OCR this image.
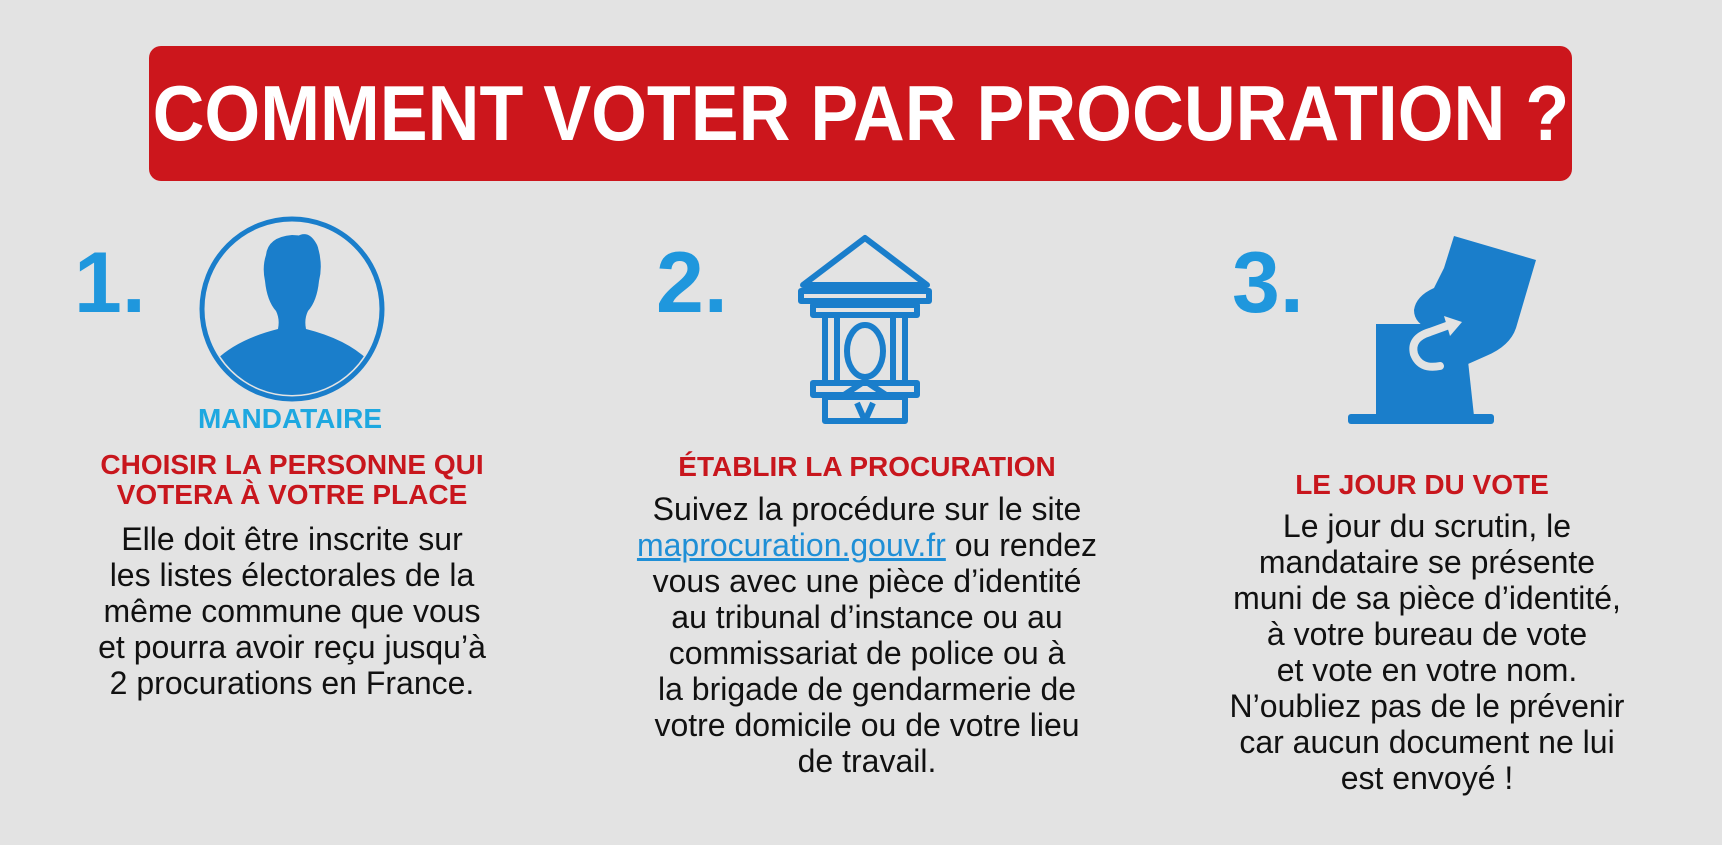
COMMENT VOTER PAR PROCURATION ?
1.
MANDATAIRE
CHOISIR LA PERSONNE QUI
VOTERA À VOTRE PLACE
Elle doit être inscrite sur
les listes électorales de la
même commune que vous
et pourra avoir reçu jusqu’à
2 procurations en France.
2.
ÉTABLIR LA PROCURATION
Suivez la procédure sur le site
maprocuration.gouv.fr ou rendez
vous avec une pièce d’identité
au tribunal d’instance ou au
commissariat de police ou à
la brigade de gendarmerie de
votre domicile ou de votre lieu
de travail.
3.
LE JOUR DU VOTE
Le jour du scrutin, le
mandataire se présente
muni de sa pièce d’identité,
à votre bureau de vote
et vote en votre nom.
N’oubliez pas de le prévenir
car aucun document ne lui
est envoyé !
